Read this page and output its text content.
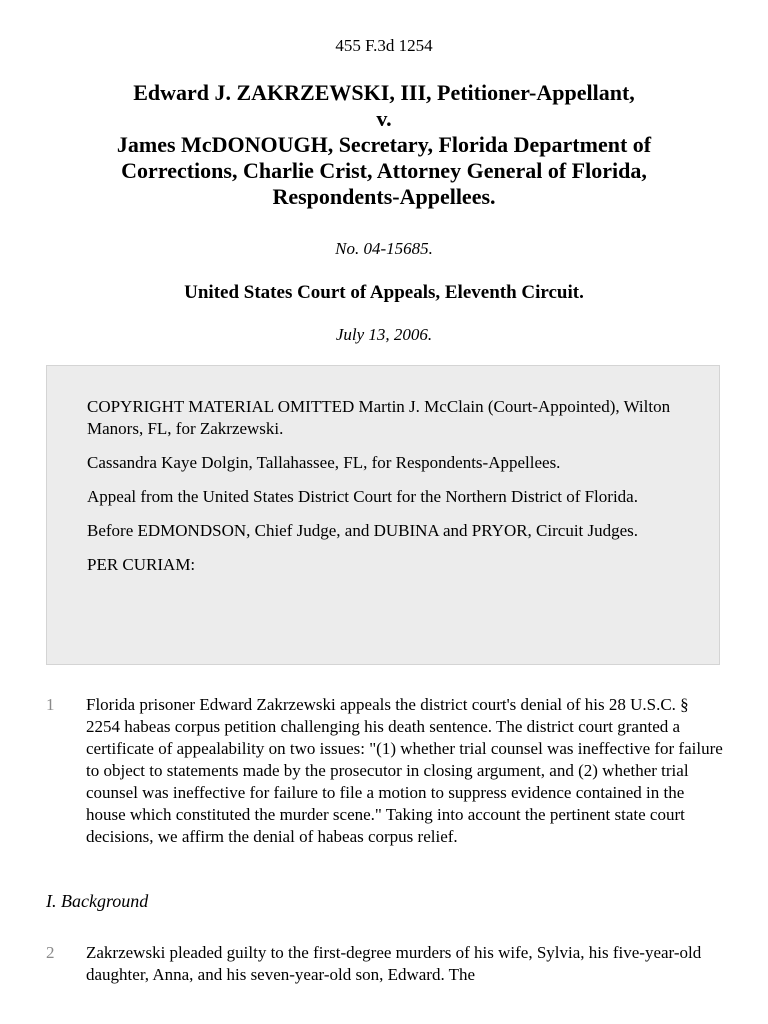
455 F.3d 1254
Edward J. ZAKRZEWSKI, III, Petitioner-Appellant,
v.
James McDONOUGH, Secretary, Florida Department of
Corrections, Charlie Crist, Attorney General of Florida,
Respondents-Appellees.
No. 04-15685.
United States Court of Appeals, Eleventh Circuit.
July 13, 2006.

COPYRIGHT MATERIAL OMITTED Martin J. McClain (Court-Appointed), Wilton Manors, FL, for Zakrzewski.

Cassandra Kaye Dolgin, Tallahassee, FL, for Respondents-Appellees.

Appeal from the United States District Court for the Northern District of Florida.

Before EDMONDSON, Chief Judge, and DUBINA and PRYOR, Circuit Judges.

PER CURIAM:

1 Florida prisoner Edward Zakrzewski appeals the district court's denial of his 28 U.S.C. § 2254 habeas corpus petition challenging his death sentence. The district court granted a certificate of appealability on two issues: "(1) whether trial counsel was ineffective for failure to object to statements made by the prosecutor in closing argument, and (2) whether trial counsel was ineffective for failure to file a motion to suppress evidence contained in the house which constituted the murder scene." Taking into account the pertinent state court decisions, we affirm the denial of habeas corpus relief.
I. Background
2 Zakrzewski pleaded guilty to the first-degree murders of his wife, Sylvia, his five-year-old daughter, Anna, and his seven-year-old son, Edward. The
